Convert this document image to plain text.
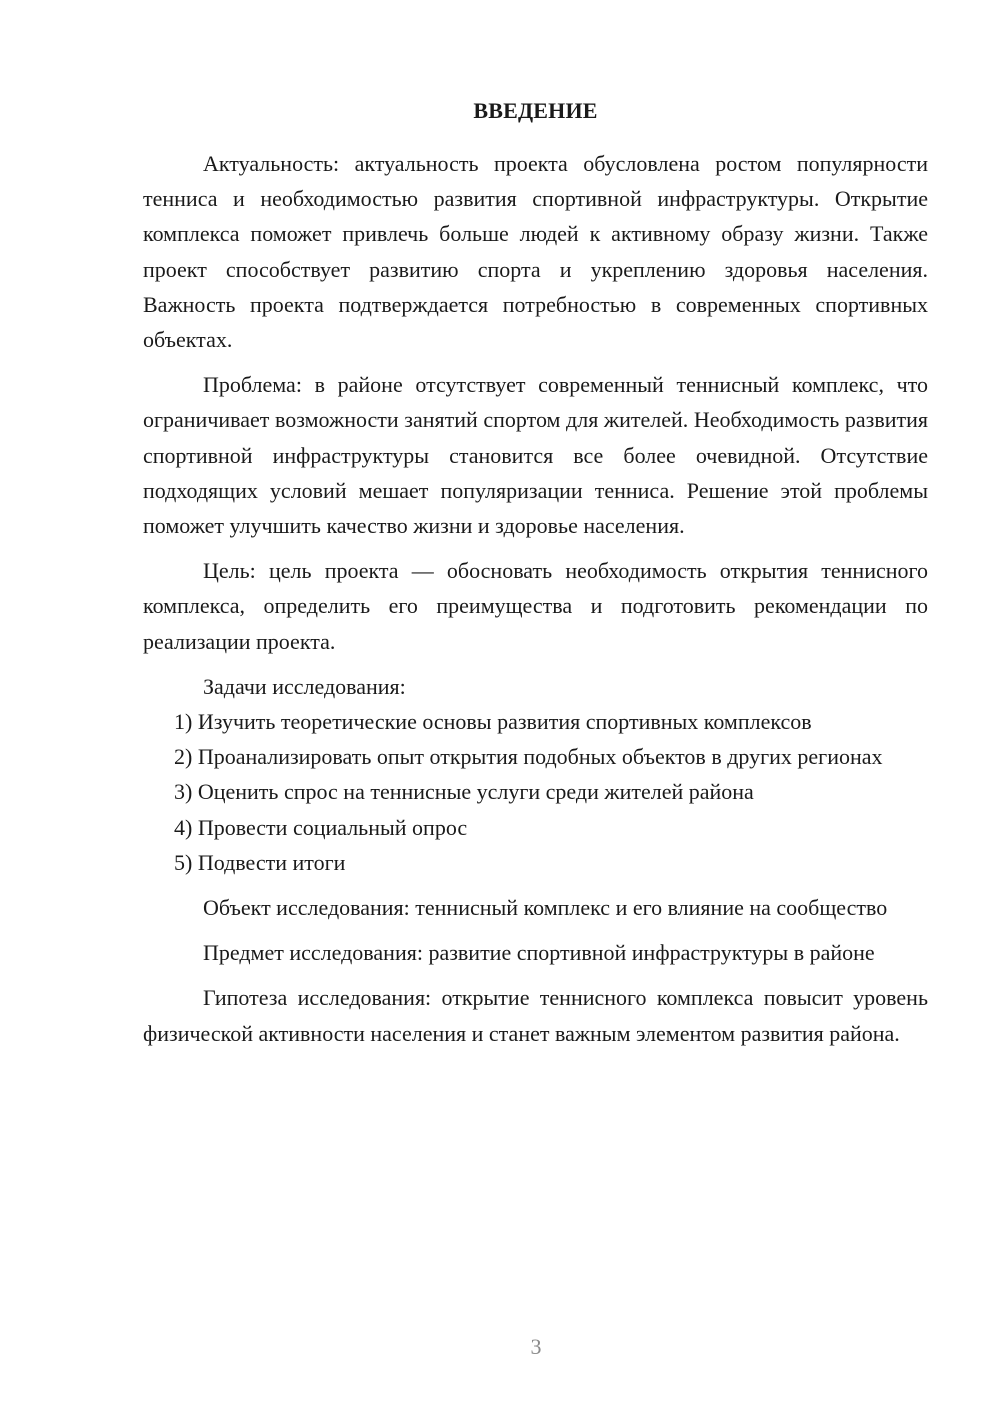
ВВЕДЕНИЕ

Актуальность: актуальность проекта обусловлена ростом популярности тенниса и необходимостью развития спортивной инфраструктуры. Открытие комплекса поможет привлечь больше людей к активному образу жизни. Также проект способствует развитию спорта и укреплению здоровья населения. Важность проекта подтверждается потребностью в современных спортивных объектах.

Проблема: в районе отсутствует современный теннисный комплекс, что ограничивает возможности занятий спортом для жителей. Необходимость развития спортивной инфраструктуры становится все более очевидной. Отсутствие подходящих условий мешает популяризации тенниса. Решение этой проблемы поможет улучшить качество жизни и здоровье населения.

Цель: цель проекта — обосновать необходимость открытия теннисного комплекса, определить его преимущества и подготовить рекомендации по реализации проекта.

Задачи исследования:

1) Изучить теоретические основы развития спортивных комплексов

2) Проанализировать опыт открытия подобных объектов в других регионах

3) Оценить спрос на теннисные услуги среди жителей района

4) Провести социальный опрос

5) Подвести итоги

Объект исследования: теннисный комплекс и его влияние на сообщество

Предмет исследования: развитие спортивной инфраструктуры в районе

Гипотеза исследования: открытие теннисного комплекса повысит уровень физической активности населения и станет важным элементом развития района.

3
